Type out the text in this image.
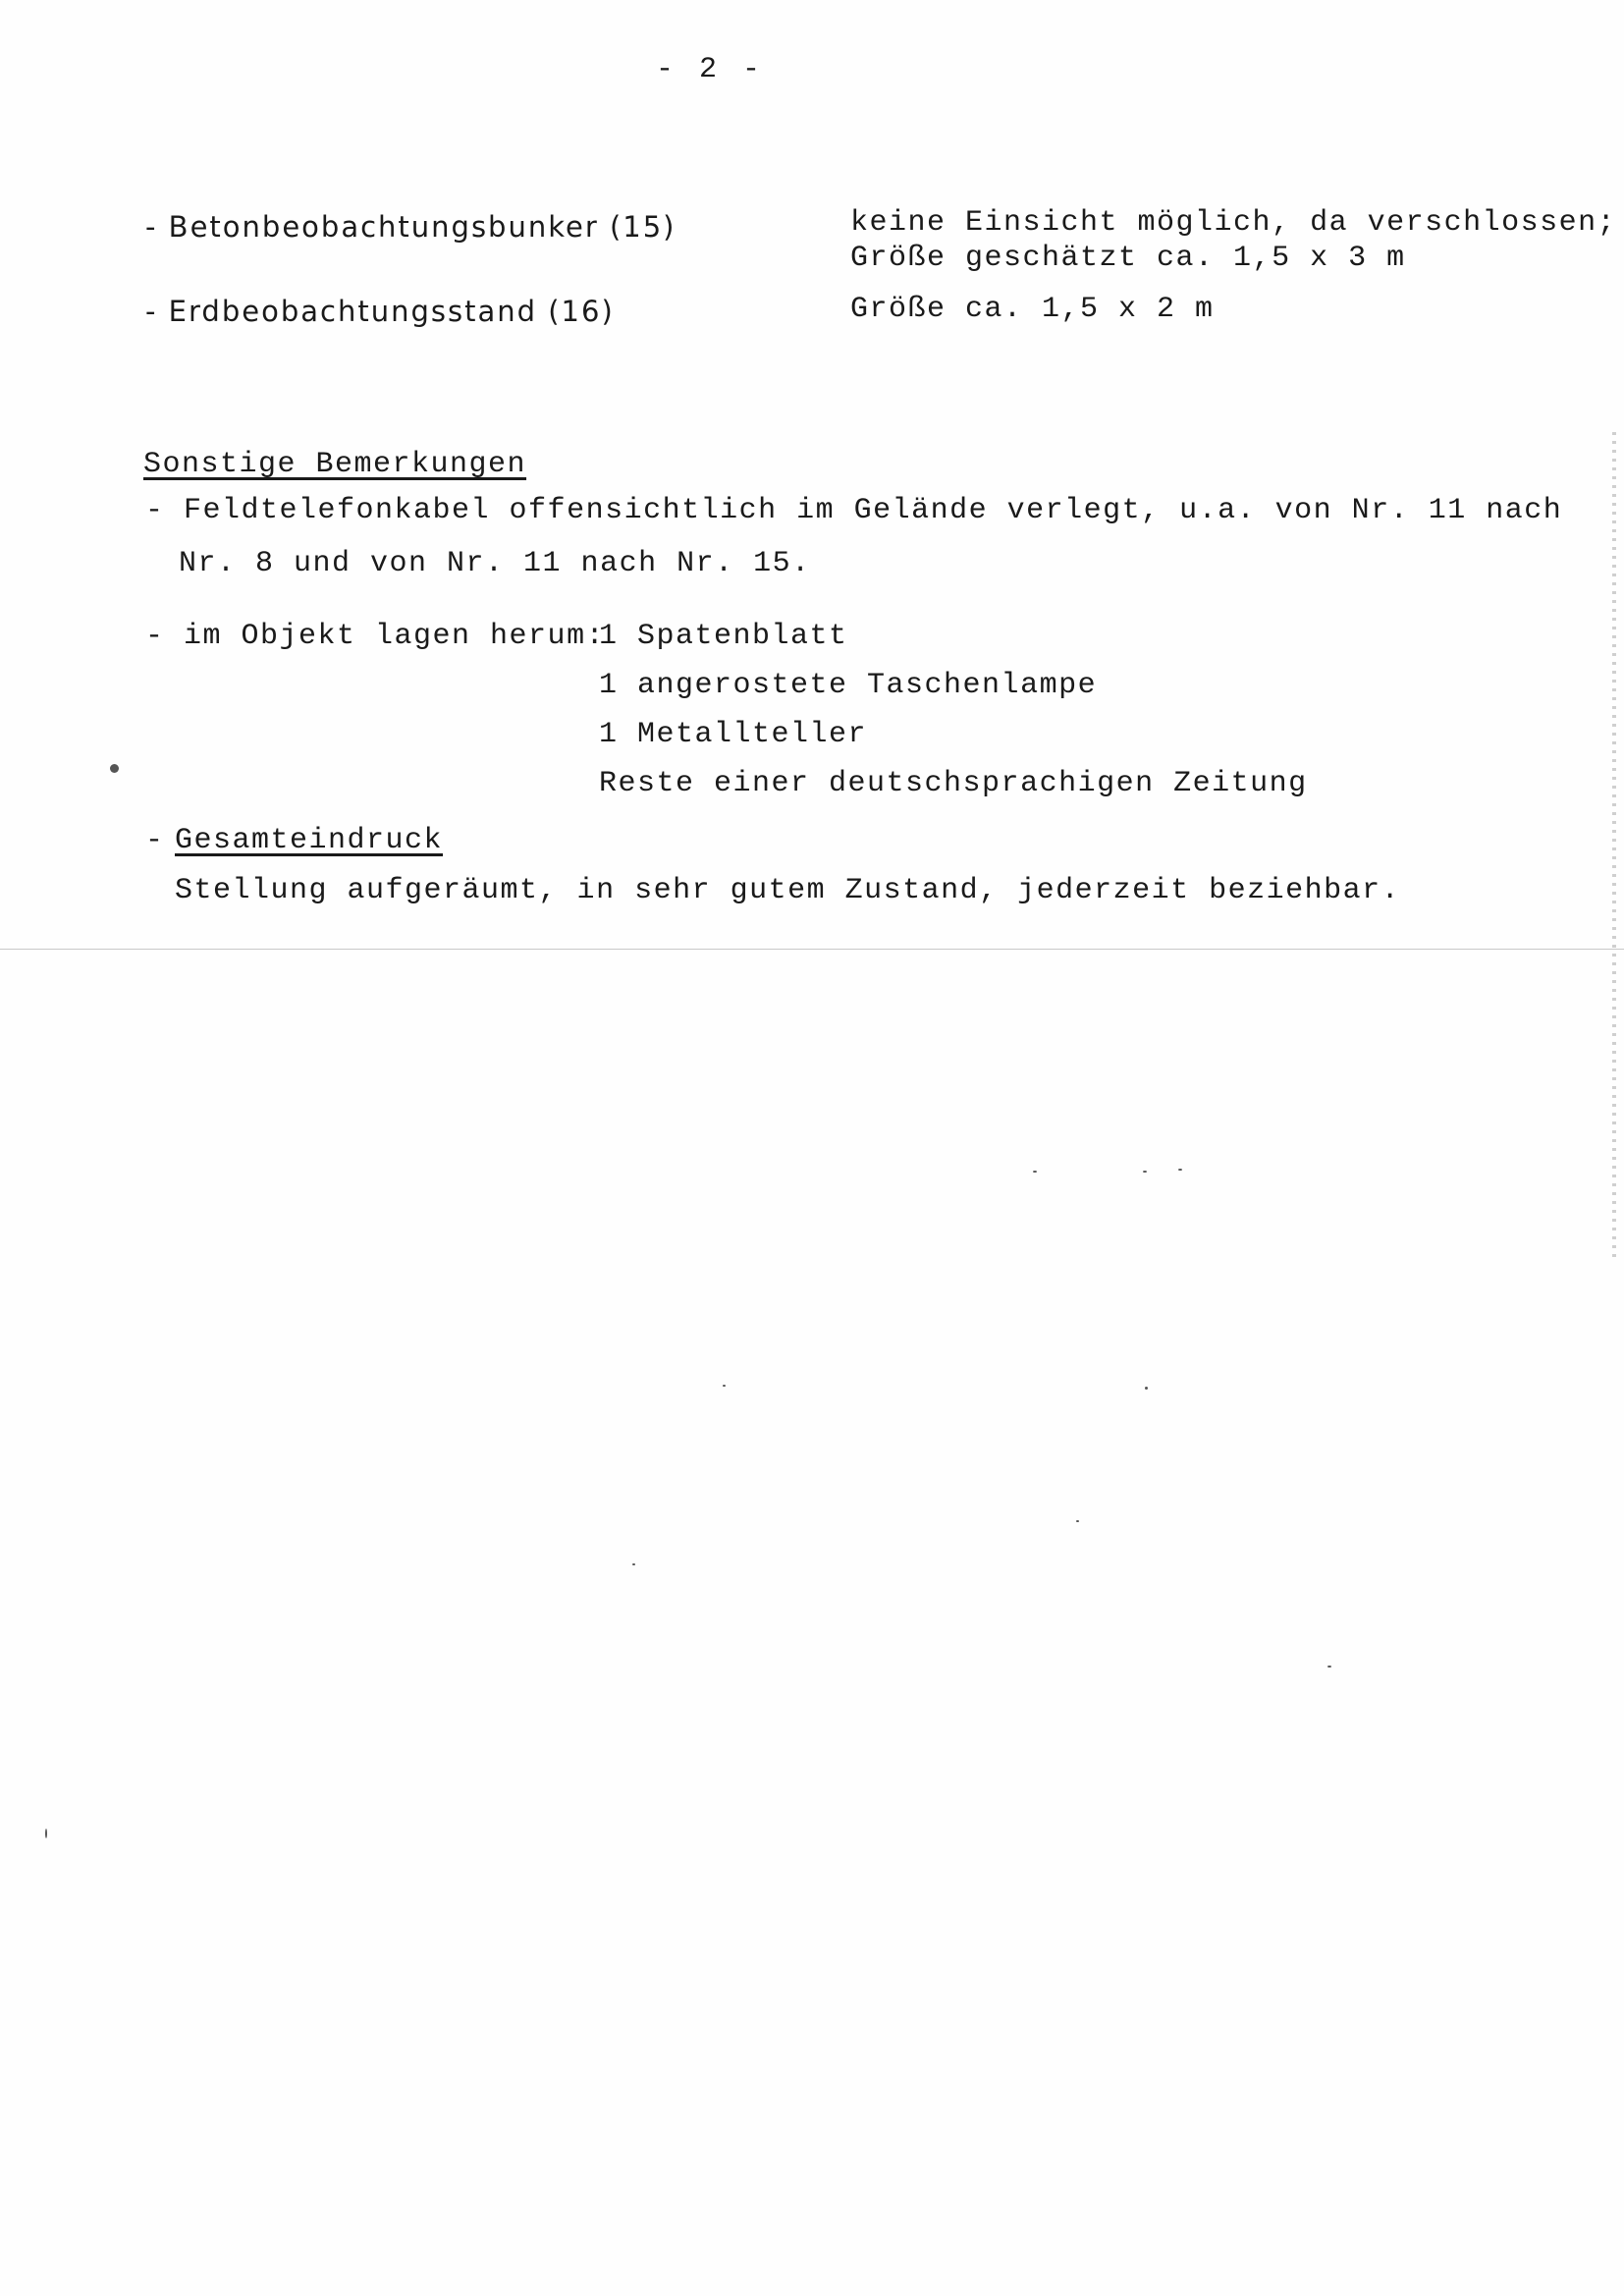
- 2 -
- Betonbeobachtungsbunker (15)	keine Einsicht möglich, da verschlossen;
Größe geschätzt ca. 1,5 x 3 m
- Erdbeobachtungsstand (16)	Größe ca. 1,5 x 2 m
Sonstige Bemerkungen
- Feldtelefonkabel offensichtlich im Gelände verlegt, u.a. von Nr. 11 nach
Nr. 8 und von Nr. 11 nach Nr. 15.
- im Objekt lagen herum:
1 Spatenblatt
1 angerostete Taschenlampe
1 Metallteller
Reste einer deutschsprachigen Zeitung
- Gesamteindruck
Stellung aufgeräumt, in sehr gutem Zustand, jederzeit beziehbar.
